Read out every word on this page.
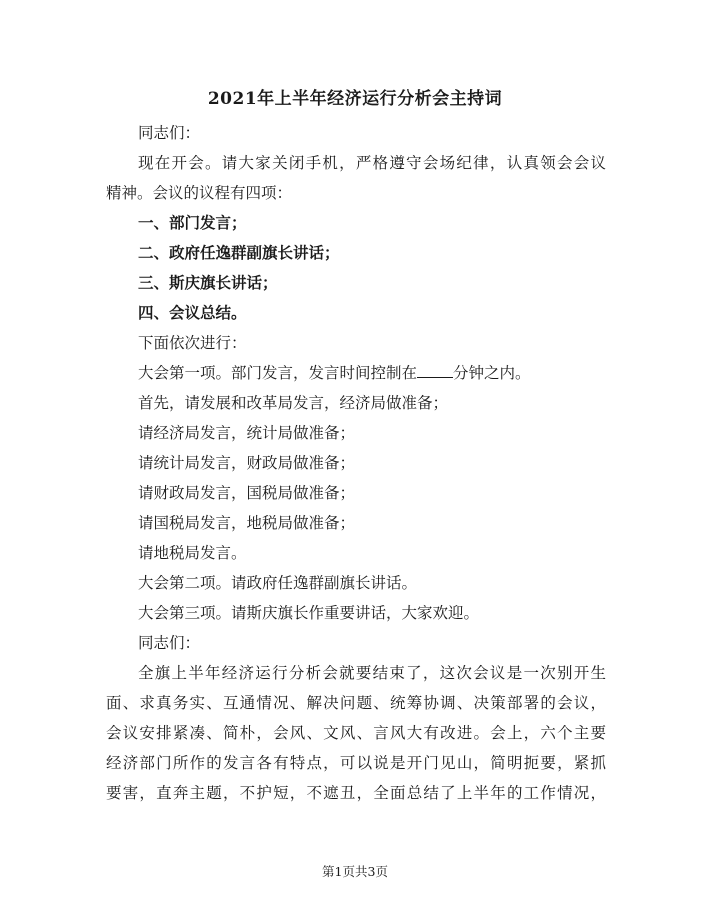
2021年上半年经济运行分析会主持词
同志们：
现在开会。请大家关闭手机，严格遵守会场纪律，认真领会会议
精神。会议的议程有四项：
一、部门发言；
二、政府任逸群副旗长讲话；
三、斯庆旗长讲话；
四、会议总结。
下面依次进行：
大会第一项。部门发言，发言时间控制在 分钟之内。
首先，请发展和改革局发言，经济局做准备；
请经济局发言，统计局做准备；
请统计局发言，财政局做准备；
请财政局发言，国税局做准备；
请国税局发言，地税局做准备；
请地税局发言。
大会第二项。请政府任逸群副旗长讲话。
大会第三项。请斯庆旗长作重要讲话，大家欢迎。
同志们：
全旗上半年经济运行分析会就要结束了，这次会议是一次别开生
面、求真务实、互通情况、解决问题、统筹协调、决策部署的会议，
会议安排紧凑、简朴，会风、文风、言风大有改进。会上，六个主要
经济部门所作的发言各有特点，可以说是开门见山，简明扼要，紧抓
要害，直奔主题，不护短，不遮丑，全面总结了上半年的工作情况，
第1页共3页
